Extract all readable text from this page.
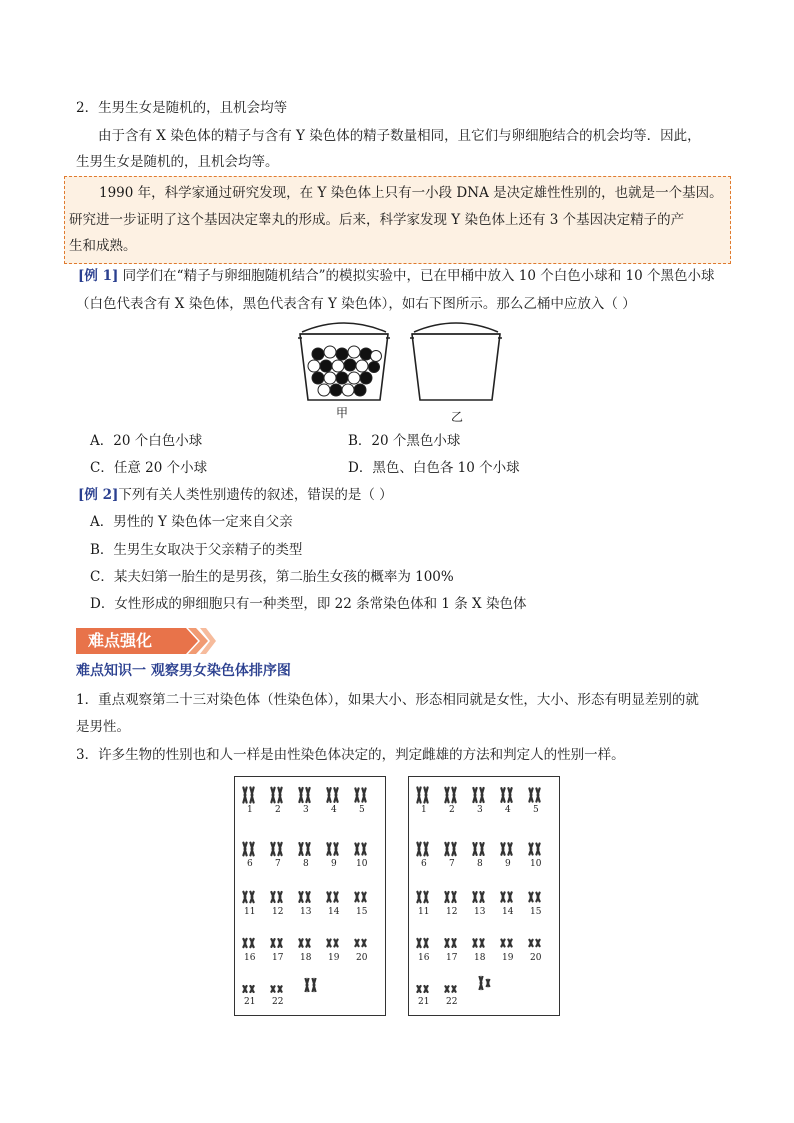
2．生男生女是随机的，且机会均等
由于含有 X 染色体的精子与含有 Y 染色体的精子数量相同，且它们与卵细胞结合的机会均等．因此，
生男生女是随机的，且机会均等。
1990 年，科学家通过研究发现，在 Y 染色体上只有一小段 DNA 是决定雄性性别的，也就是一个基因。
研究进一步证明了这个基因决定睾丸的形成。后来，科学家发现 Y 染色体上还有 3 个基因决定精子的产
生和成熟。
[例 1] 同学们在“精子与卵细胞随机结合”的模拟实验中，已在甲桶中放入 10 个白色小球和 10 个黑色小球
（白色代表含有 X 染色体，黑色代表含有 Y 染色体），如右下图所示。那么乙桶中应放入（ ）
甲	乙
A．20 个白色小球	B．20 个黑色小球
C．任意 20 个小球	D．黑色、白色各 10 个小球
[例 2]下列有关人类性别遗传的叙述，错误的是（ ）
A．男性的 Y 染色体一定来自父亲
B．生男生女取决于父亲精子的类型
C．某夫妇第一胎生的是男孩，第二胎生女孩的概率为 100%
D．女性形成的卵细胞只有一种类型，即 22 条常染色体和 1 条 X 染色体
难点强化
难点知识一 观察男女染色体排序图
1．重点观察第二十三对染色体（性染色体），如果大小、形态相同就是女性，大小、形态有明显差别的就
是男性。
3．许多生物的性别也和人一样是由性染色体决定的，判定雌雄的方法和判定人的性别一样。
1 2 3 4 5
6 7 8 9 10
11 12 13 14 15
16 17 18 19 20
21 22
1 2 3 4 5
6 7 8 9 10
11 12 13 14 15
16 17 18 19 20
21 22
